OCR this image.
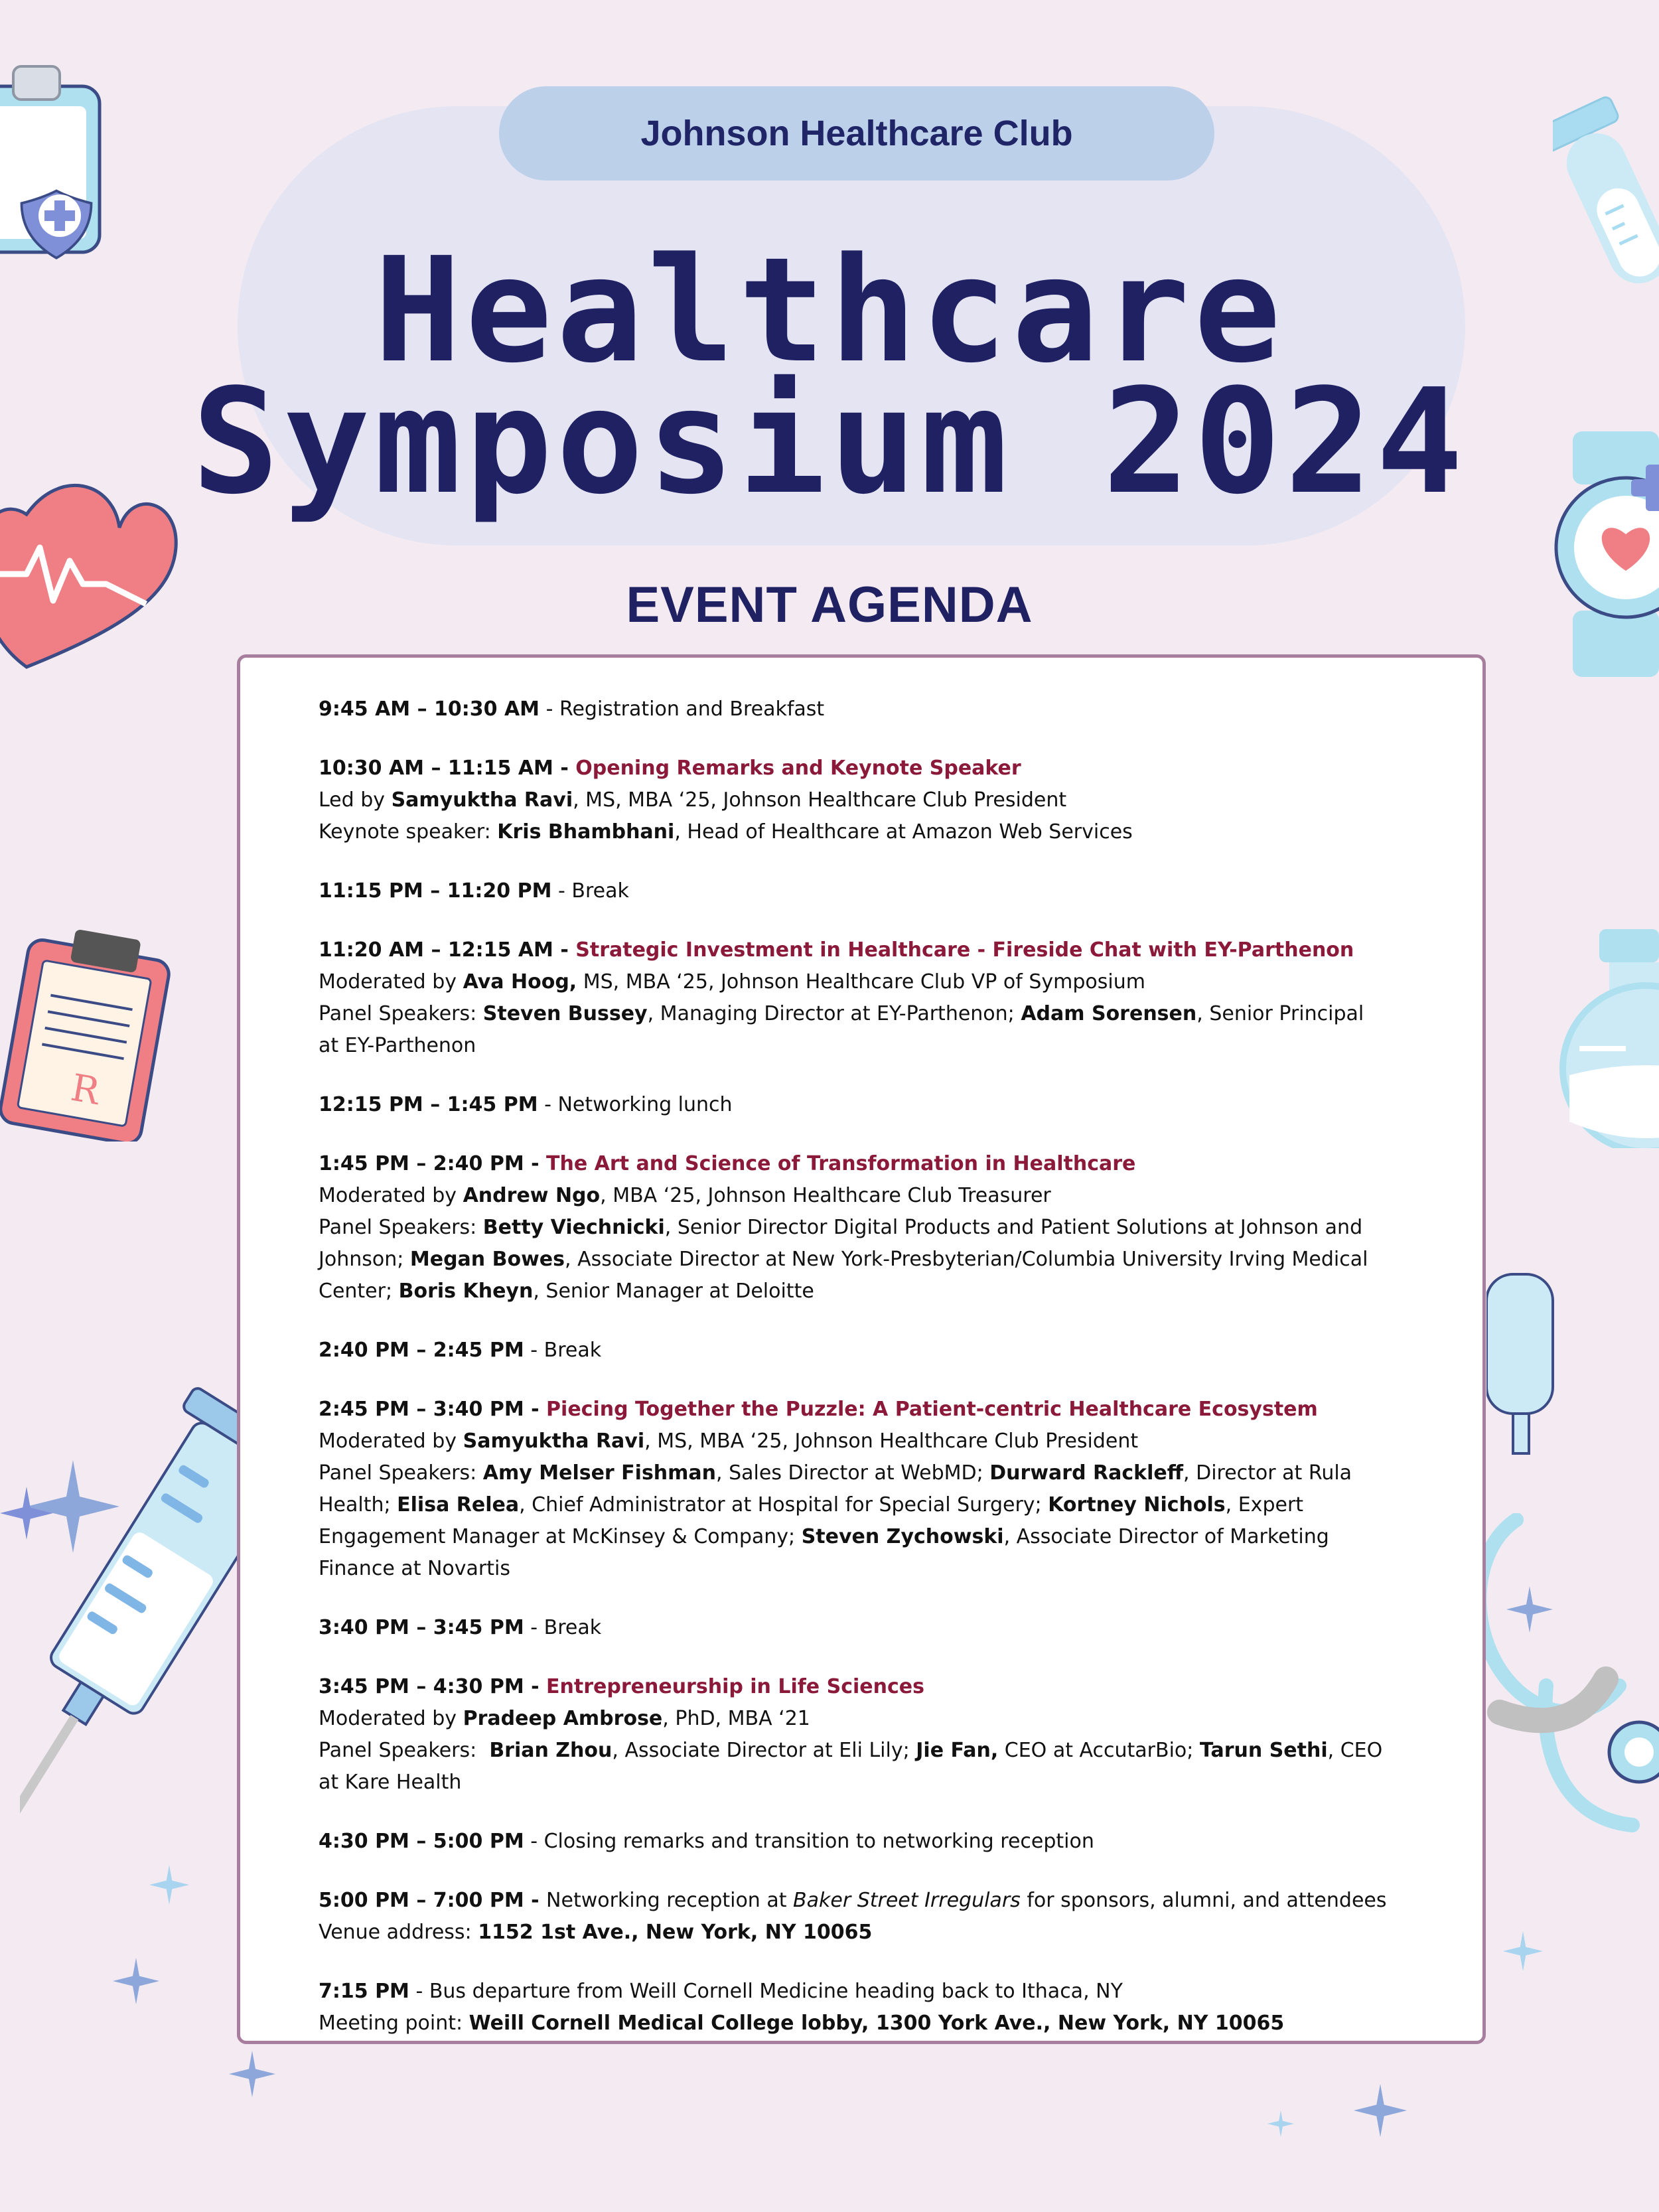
R
Johnson Healthcare Club
Healthcare
Symposium 2024
EVENT AGENDA
9:45 AM – 10:30 AM - Registration and Breakfast
10:30 AM – 11:15 AM - Opening Remarks and Keynote Speaker
Led by Samyuktha Ravi, MS, MBA ‘25, Johnson Healthcare Club President
Keynote speaker: Kris Bhambhani, Head of Healthcare at Amazon Web Services
11:15 PM – 11:20 PM - Break
11:20 AM – 12:15 AM - Strategic Investment in Healthcare - Fireside Chat with EY-Parthenon
Moderated by Ava Hoog, MS, MBA ‘25, Johnson Healthcare Club VP of Symposium
Panel Speakers: Steven Bussey, Managing Director at EY-Parthenon; Adam Sorensen, Senior Principal at EY-Parthenon
12:15 PM – 1:45 PM - Networking lunch
1:45 PM – 2:40 PM - The Art and Science of Transformation in Healthcare
Moderated by Andrew Ngo, MBA ‘25, Johnson Healthcare Club Treasurer
Panel Speakers: Betty Viechnicki, Senior Director Digital Products and Patient Solutions at Johnson and Johnson; Megan Bowes, Associate Director at New York-Presbyterian/Columbia University Irving Medical Center; Boris Kheyn, Senior Manager at Deloitte
2:40 PM – 2:45 PM - Break
2:45 PM – 3:40 PM - Piecing Together the Puzzle: A Patient-centric Healthcare Ecosystem
Moderated by Samyuktha Ravi, MS, MBA ‘25, Johnson Healthcare Club President
Panel Speakers: Amy Melser Fishman, Sales Director at WebMD; Durward Rackleff, Director at Rula Health; Elisa Relea, Chief Administrator at Hospital for Special Surgery; Kortney Nichols, Expert Engagement Manager at McKinsey & Company; Steven Zychowski, Associate Director of Marketing Finance at Novartis
3:40 PM – 3:45 PM - Break
3:45 PM – 4:30 PM - Entrepreneurship in Life Sciences
Moderated by Pradeep Ambrose, PhD, MBA ‘21
Panel Speakers:  Brian Zhou, Associate Director at Eli Lily; Jie Fan, CEO at AccutarBio; Tarun Sethi, CEO at Kare Health
4:30 PM – 5:00 PM - Closing remarks and transition to networking reception
5:00 PM – 7:00 PM - Networking reception at Baker Street Irregulars for sponsors, alumni, and attendees
Venue address: 1152 1st Ave., New York, NY 10065
7:15 PM - Bus departure from Weill Cornell Medicine heading back to Ithaca, NY
Meeting point: Weill Cornell Medical College lobby, 1300 York Ave., New York, NY 10065
